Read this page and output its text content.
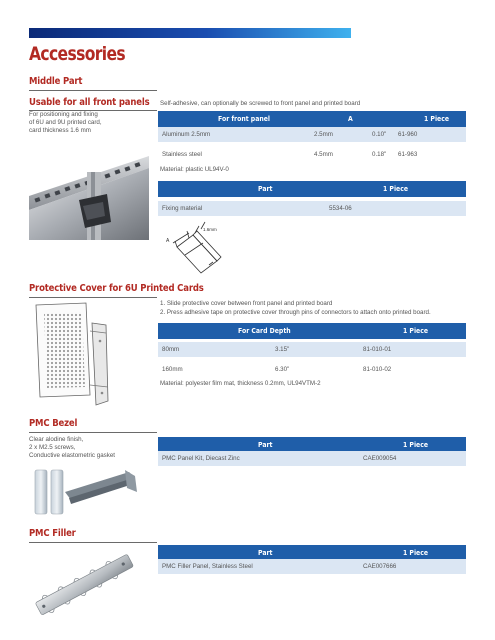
Accessories
Middle Part
Usable for all front panels
For positioning and fixing
of 6U and 9U printed card,
card thickness 1.6 mm
Self-adhesive, can optionally be screwed to front panel and printed board
For front panel	A	1 Piece
Aluminum 2.5mm	2.5mm	0.10" 61-960
Stainless steel	4.5mm	0.18" 61-963
Material: plastic UL94V-0
Part	1 Piece
Fixing material	5534-06
A
1.6mm
Protective Cover for 6U Printed Cards
1. Slide protective cover between front panel and printed board
2. Press adhesive tape on protective cover through pins of connectors to attach onto printed board.
For Card Depth	1 Piece
80mm	3.15"	81-010-01
160mm	6.30"	81-010-02
Material: polyester film mat, thickness 0.2mm, UL94VTM-2
PMC Bezel
Clear alodine finish,
2 x M2.5 screws,
Conductive elastometric gasket
Part	1 Piece
PMC Panel Kit, Diecast Zinc	CAE009054
PMC Filler
Part	1 Piece
PMC Filler Panel, Stainless Steel	CAE007666
